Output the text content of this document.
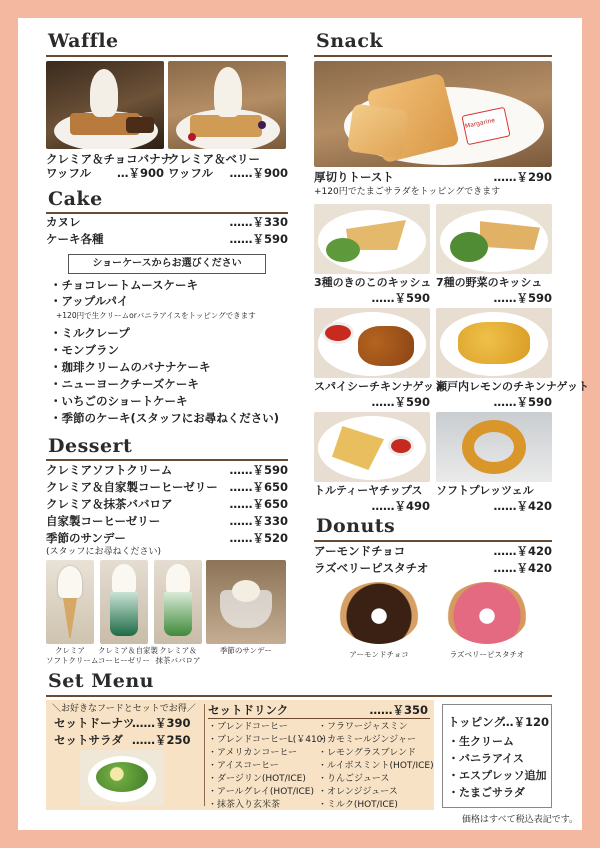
Waffle
クレミア＆チョコバナナ
ワッフル	…￥900
クレミア＆ベリー
ワッフル	……￥900
Cake
カヌレ	……￥330
ケーキ各種	……￥590
ショーケースからお選びください
・チョコレートムースケーキ
・アップルパイ
+120円で生クリームorバニラアイスをトッピングできます
・ミルクレープ
・モンブラン
・珈琲クリームのバナナケーキ
・ニューヨークチーズケーキ
・いちごのショートケーキ
・季節のケーキ(スタッフにお尋ねください)
Dessert
クレミアソフトクリーム	……￥590
クレミア＆自家製コーヒーゼリー	……￥650
クレミア＆抹茶ババロア	……￥650
自家製コーヒーゼリー	……￥330
季節のサンデー	……￥520
(スタッフにお尋ねください)
クレミア
ソフトクリーム
クレミア＆自家製
コーヒーゼリー
クレミア＆
抹茶ババロア
季節のサンデー
Snack
Margarine
厚切りトースト	……￥290
+120円でたまごサラダをトッピングできます
3種のきのこのキッシュ 7種の野菜のキッシュ
……￥590	……￥590
スパイシーチキンナゲット
瀬戸内レモンのチキンナゲット
……￥590	……￥590
トルティーヤチップス ソフトプレッツェル
……￥490	……￥420
Donuts
アーモンドチョコ	……￥420
ラズベリーピスタチオ	……￥420
アーモンドチョコ	ラズベリーピスタチオ
Set Menu
＼お好きなフードとセットでお得／
セットドーナツ
……￥390
セットサラダ ……￥250
セットドリンク	……￥350
・ブレンドコーヒー
・ブレンドコーヒーL(￥410)
・アメリカンコーヒー
・アイスコーヒー
・ダージリン(HOT/ICE)
・アールグレイ(HOT/ICE)
・抹茶入り玄米茶
・フラワージャスミン
・カモミールジンジャー
・レモングラスブレンド
・ルイボスミント(HOT/ICE)
・りんごジュース
・オレンジジュース
・ミルク(HOT/ICE)
トッピング
…￥120
・生クリーム
・バニラアイス
・エスプレッソ追加
・たまごサラダ
価格はすべて税込表記です。
